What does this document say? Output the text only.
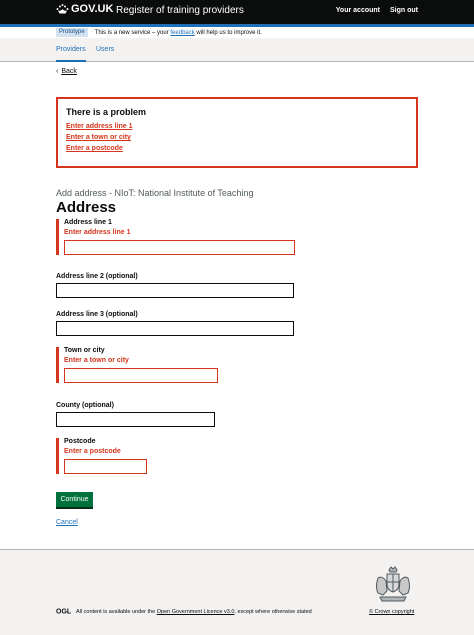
GOV.UK Register of training providers	Your account Sign out
Prototype	This is a new service – your feedback will help us to improve it.
Providers Users
‹ Back
There is a problem
Enter address line 1
Enter a town or city
Enter a postcode
Add address - NIoT: National Institute of Teaching
Address
Address line 1
Enter address line 1
Address line 2 (optional)
Address line 3 (optional)
Town or city
Enter a town or city
County (optional)
Postcode
Enter a postcode
Continue
Cancel
OGL All content is available under the Open Government Licence v3.0, except where otherwise stated	© Crown copyright
